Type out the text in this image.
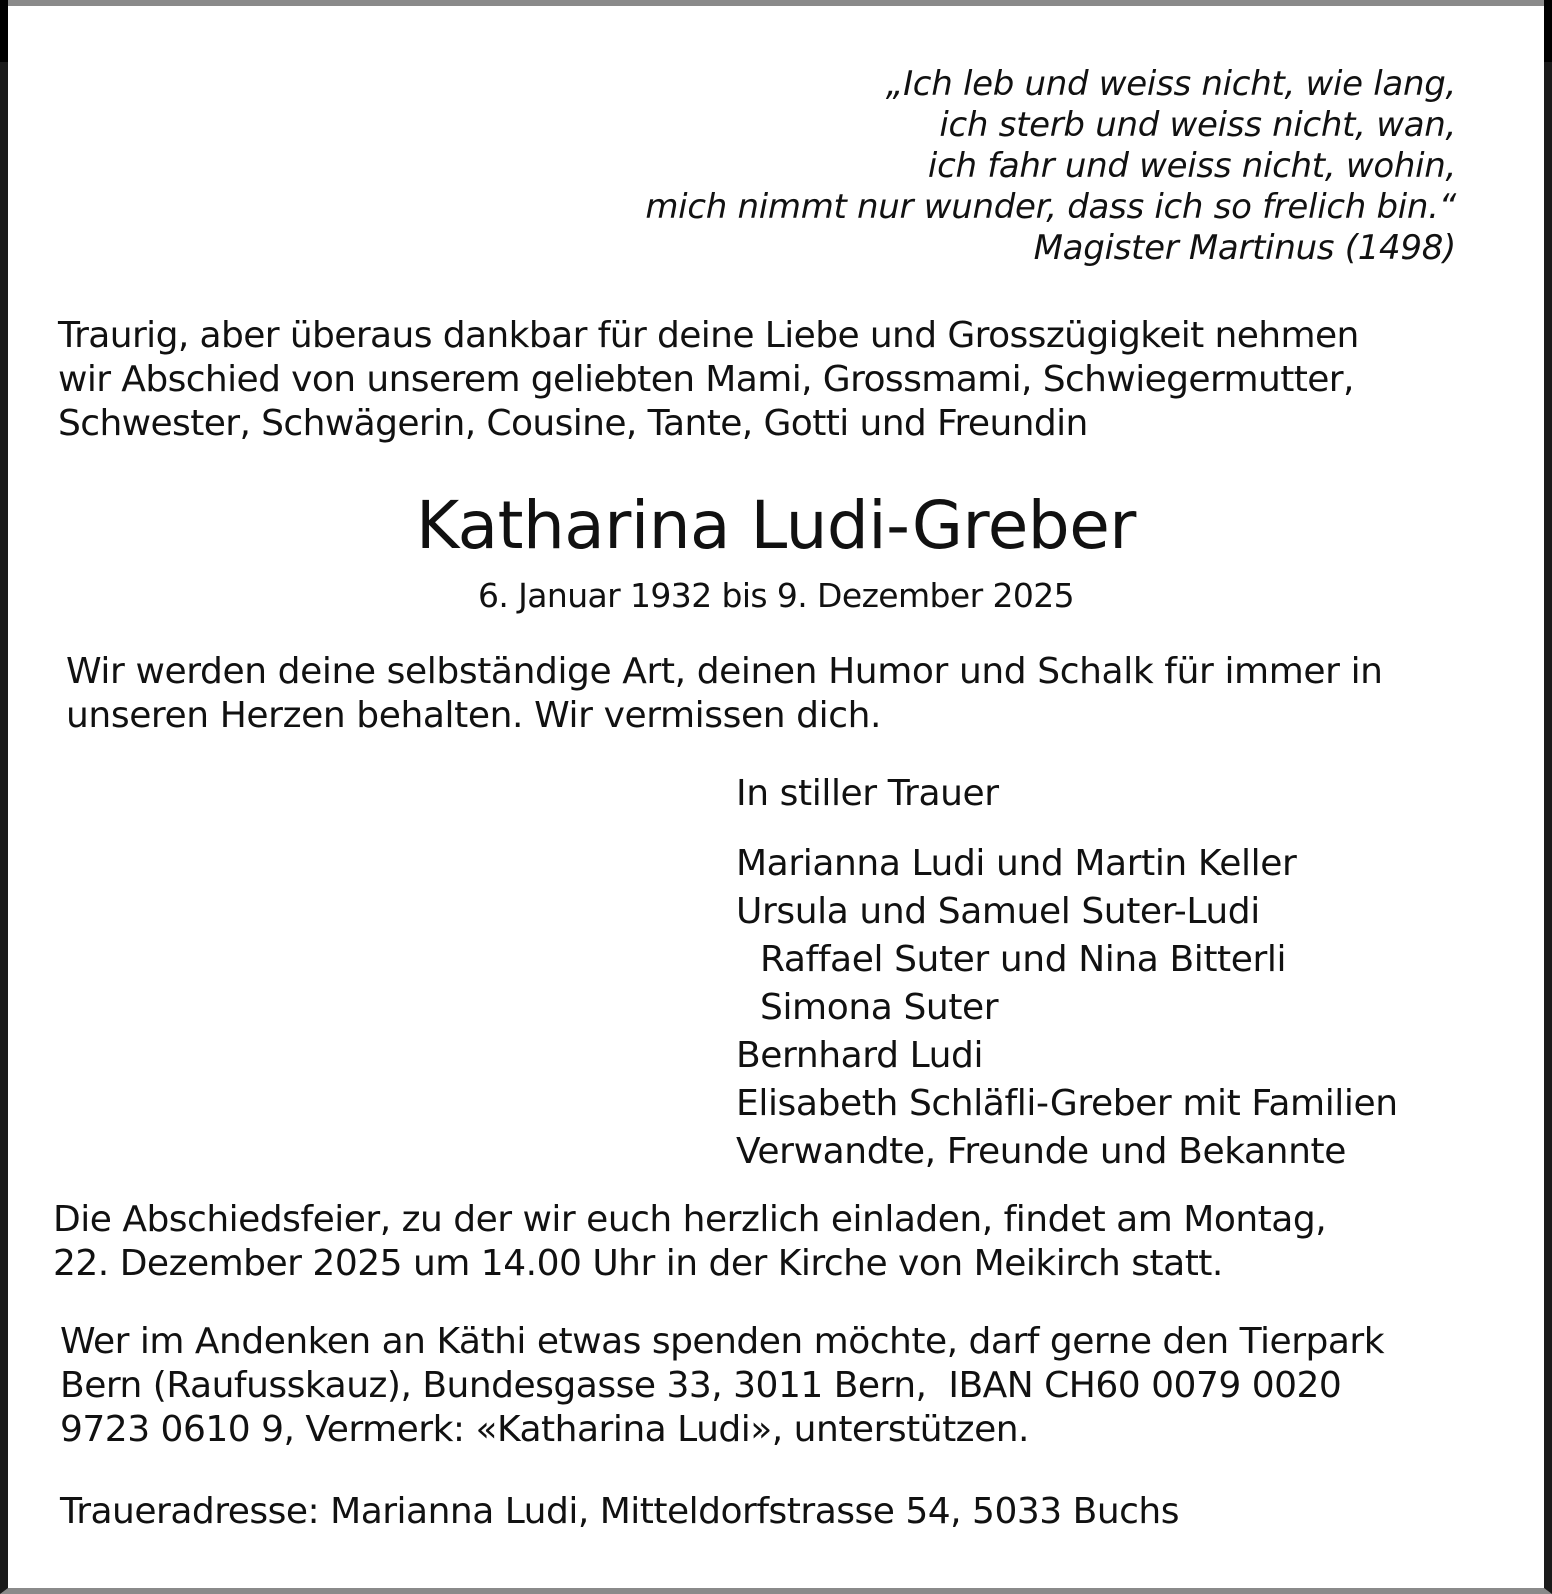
„Ich leb und weiss nicht, wie lang,
ich sterb und weiss nicht, wan,
ich fahr und weiss nicht, wohin,
mich nimmt nur wunder, dass ich so frelich bin.“
Magister Martinus (1498)
Traurig, aber überaus dankbar für deine Liebe und Grosszügigkeit nehmen
wir Abschied von unserem geliebten Mami, Grossmami, Schwiegermutter,
Schwester, Schwägerin, Cousine, Tante, Gotti und Freundin
Katharina Ludi-Greber
6. Januar 1932 bis 9. Dezember 2025
Wir werden deine selbständige Art, deinen Humor und Schalk für immer in
unseren Herzen behalten. Wir vermissen dich.
In stiller Trauer
Marianna Ludi und Martin Keller
Ursula und Samuel Suter-Ludi
Raffael Suter und Nina Bitterli
Simona Suter
Bernhard Ludi
Elisabeth Schläfli-Greber mit Familien
Verwandte, Freunde und Bekannte
Die Abschiedsfeier, zu der wir euch herzlich einladen, findet am Montag,
22. Dezember 2025 um 14.00 Uhr in der Kirche von Meikirch statt.
Wer im Andenken an Käthi etwas spenden möchte, darf gerne den Tierpark
Bern (Raufusskauz), Bundesgasse 33, 3011 Bern,  IBAN CH60 0079 0020
9723 0610 9, Vermerk: «Katharina Ludi», unterstützen.
Traueradresse: Marianna Ludi, Mitteldorfstrasse 54, 5033 Buchs
